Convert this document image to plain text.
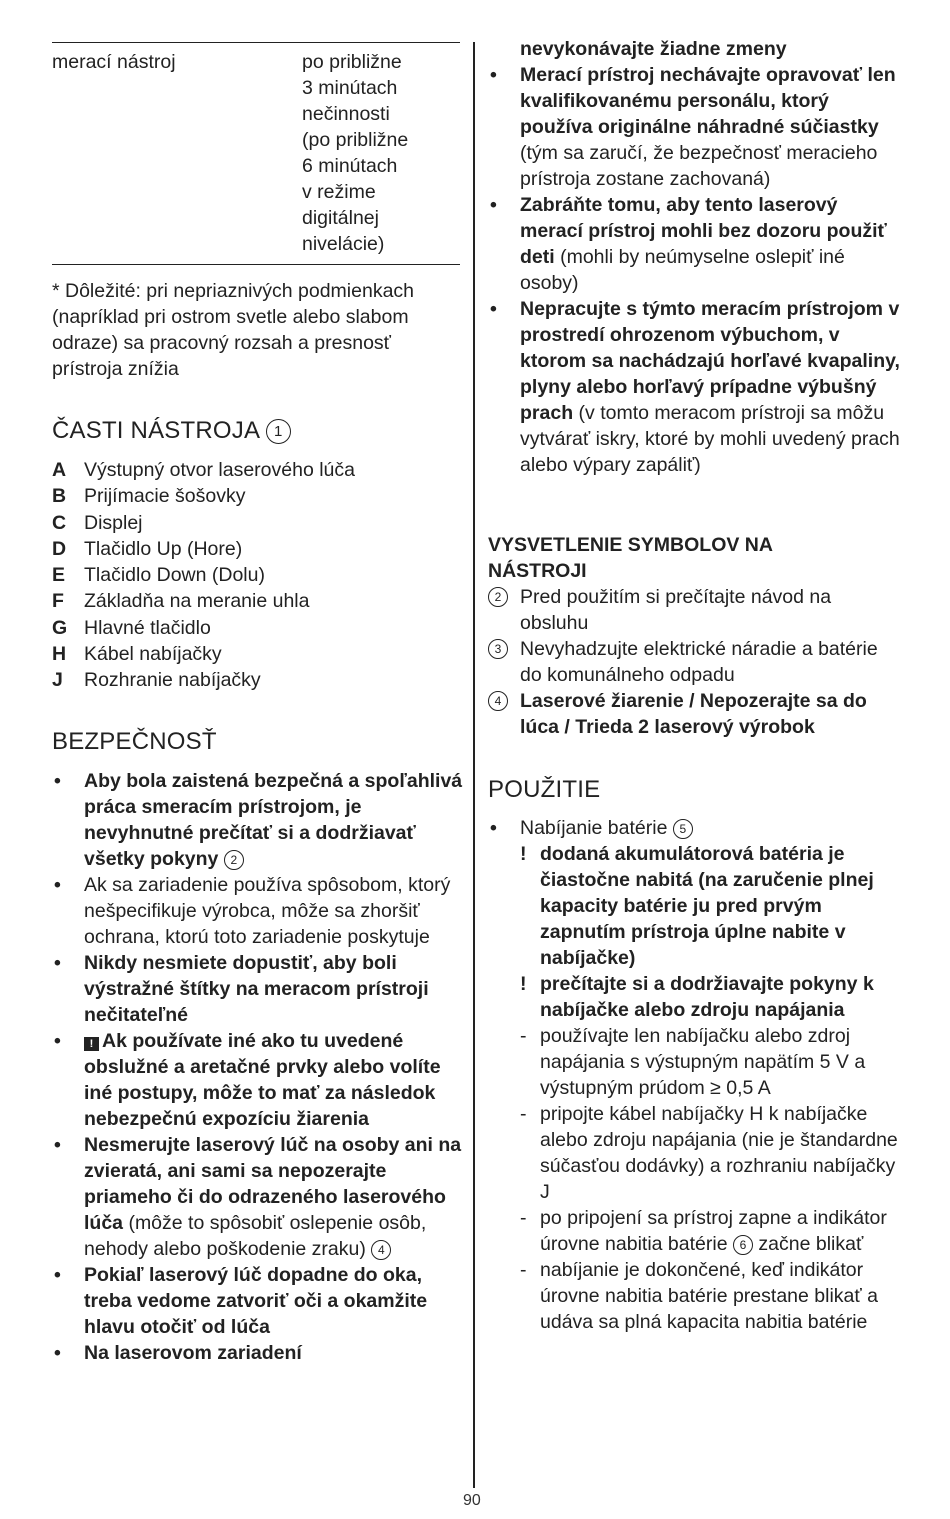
merací nástroj	po približne
3 minútach
nečinnosti
(po približne
6 minútach
v režime
digitálnej
nivelácie)
* Dôležité: pri nepriaznivých podmienkach (napríklad pri ostrom svetle alebo slabom odraze) sa pracovný rozsah a presnosť prístroja znížia
ČASTI NÁSTROJA 1
A Výstupný otvor laserového lúča
B Prijímacie šošovky
C Displej
D Tlačidlo Up (Hore)
E Tlačidlo Down (Dolu)
F Základňa na meranie uhla
G Hlavné tlačidlo
H Kábel nabíjačky
J Rozhranie nabíjačky
BEZPEČNOSŤ
• Aby bola zaistená bezpečná a spoľahlivá práca smeracím prístrojom, je nevyhnutné prečítať si a dodržiavať všetky pokyny 2
• Ak sa zariadenie používa spôsobom, ktorý nešpecifikuje výrobca, môže sa zhoršiť ochrana, ktorú toto zariadenie poskytuje
• Nikdy nesmiete dopustiť, aby boli výstražné štítky na meracom prístroji nečitateľné
•	! Ak používate iné ako tu uvedené obslužné a aretačné prvky alebo volíte iné postupy, môže to mať za následok nebezpečnú expozíciu žiarenia
• Nesmerujte laserový lúč na osoby ani na zvieratá, ani sami sa nepozerajte priameho či do odrazeného laserového lúča (môže to spôsobiť oslepenie osôb, nehody alebo poškodenie zraku) 4
• Pokiaľ laserový lúč dopadne do oka, treba vedome zatvoriť oči a okamžite hlavu otočiť od lúča
• Na laserovom zariadení
nevykonávajte žiadne zmeny
• Merací prístroj nechávajte opravovať len kvalifikovanému personálu, ktorý používa originálne náhradné súčiastky (tým sa zaručí, že bezpečnosť meracieho prístroja zostane zachovaná)
• Zabráňte tomu, aby tento laserový merací prístroj mohli bez dozoru použiť deti (mohli by neúmyselne oslepiť iné osoby)
• Nepracujte s týmto meracím prístrojom v prostredí ohrozenom výbuchom, v ktorom sa nachádzajú horľavé kvapaliny, plyny alebo horľavý prípadne výbušný prach (v tomto meracom prístroji sa môžu vytvárať iskry, ktoré by mohli uvedený prach alebo výpary zapáliť)
VYSVETLENIE SYMBOLOV NA NÁSTROJI
2 Pred použitím si prečítajte návod na obsluhu
3 Nevyhadzujte elektrické náradie a batérie do komunálneho odpadu
4 Laserové žiarenie / Nepozerajte sa do lúca / Trieda 2 laserový výrobok
POUŽITIE
• Nabíjanie batérie 5
! dodaná akumulátorová batéria je čiastočne nabitá (na zaručenie plnej kapacity batérie ju pred prvým zapnutím prístroja úplne nabite v nabíjačke)
! prečítajte si a dodržiavajte pokyny k nabíjačke alebo zdroju napájania
- používajte len nabíjačku alebo zdroj napájania s výstupným napätím 5 V a výstupným prúdom ≥ 0,5 A
- pripojte kábel nabíjačky H k nabíjačke alebo zdroju napájania (nie je štandardne súčasťou dodávky) a rozhraniu nabíjačky J
- po pripojení sa prístroj zapne a indikátor úrovne nabitia batérie 6 začne blikať
- nabíjanie je dokončené, keď indikátor úrovne nabitia batérie prestane blikať a udáva sa plná kapacita nabitia batérie
90
